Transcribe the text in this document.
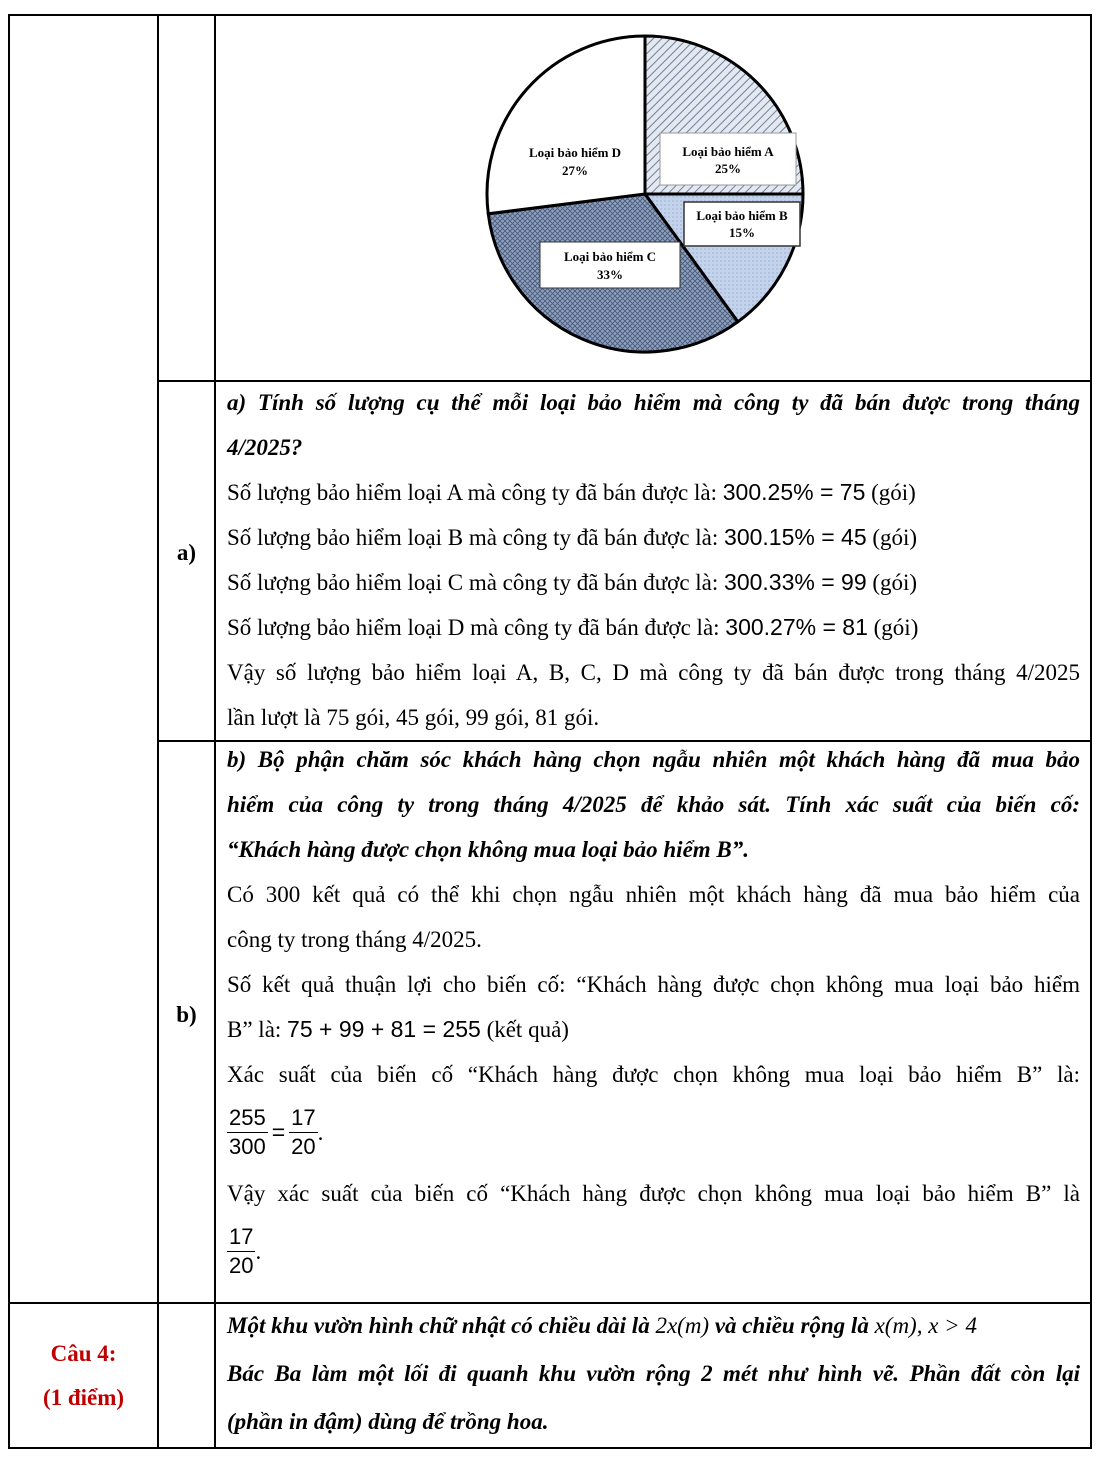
Loại bảo hiểm D
27%
Loại bảo hiểm A
25%
Loại bảo hiểm B
15%
Loại bảo hiểm C
33%
a)

a) Tính số lượng cụ thể mỗi loại bảo hiểm mà công ty đã bán được trong tháng

4/2025?

Số lượng bảo hiểm loại A mà công ty đã bán được là: 300.25% = 75 (gói)

Số lượng bảo hiểm loại B mà công ty đã bán được là: 300.15% = 45 (gói)

Số lượng bảo hiểm loại C mà công ty đã bán được là: 300.33% = 99 (gói)

Số lượng bảo hiểm loại D mà công ty đã bán được là: 300.27% = 81 (gói)

Vậy số lượng bảo hiểm loại A, B, C, D mà công ty đã bán được trong tháng 4/2025

lần lượt là 75 gói, 45 gói, 99 gói, 81 gói.

b)

b) Bộ phận chăm sóc khách hàng chọn ngẫu nhiên một khách hàng đã mua bảo

hiểm của công ty trong tháng 4/2025 để khảo sát. Tính xác suất của biến cố:

“Khách hàng được chọn không mua loại bảo hiểm B”.

Có 300 kết quả có thể khi chọn ngẫu nhiên một khách hàng đã mua bảo hiểm của

công ty trong tháng 4/2025.

Số kết quả thuận lợi cho biến cố: “Khách hàng được chọn không mua loại bảo hiểm

B” là: 75 + 99 + 81 = 255 (kết quả)

Xác suất của biến cố “Khách hàng được chọn không mua loại bảo hiểm B” là:

$\frac{255}{300} = \frac{17}{20}$ .

Vậy xác suất của biến cố “Khách hàng được chọn không mua loại bảo hiểm B” là

$\frac{17}{20}$ .
Câu 4:
(1 điểm)

Một khu vườn hình chữ nhật có chiều dài là 2x(m) và chiều rộng là x(m), x > 4

Bác Ba làm một lối đi quanh khu vườn rộng 2 mét như hình vẽ. Phần đất còn lại

(phần in đậm) dùng để trồng hoa.
